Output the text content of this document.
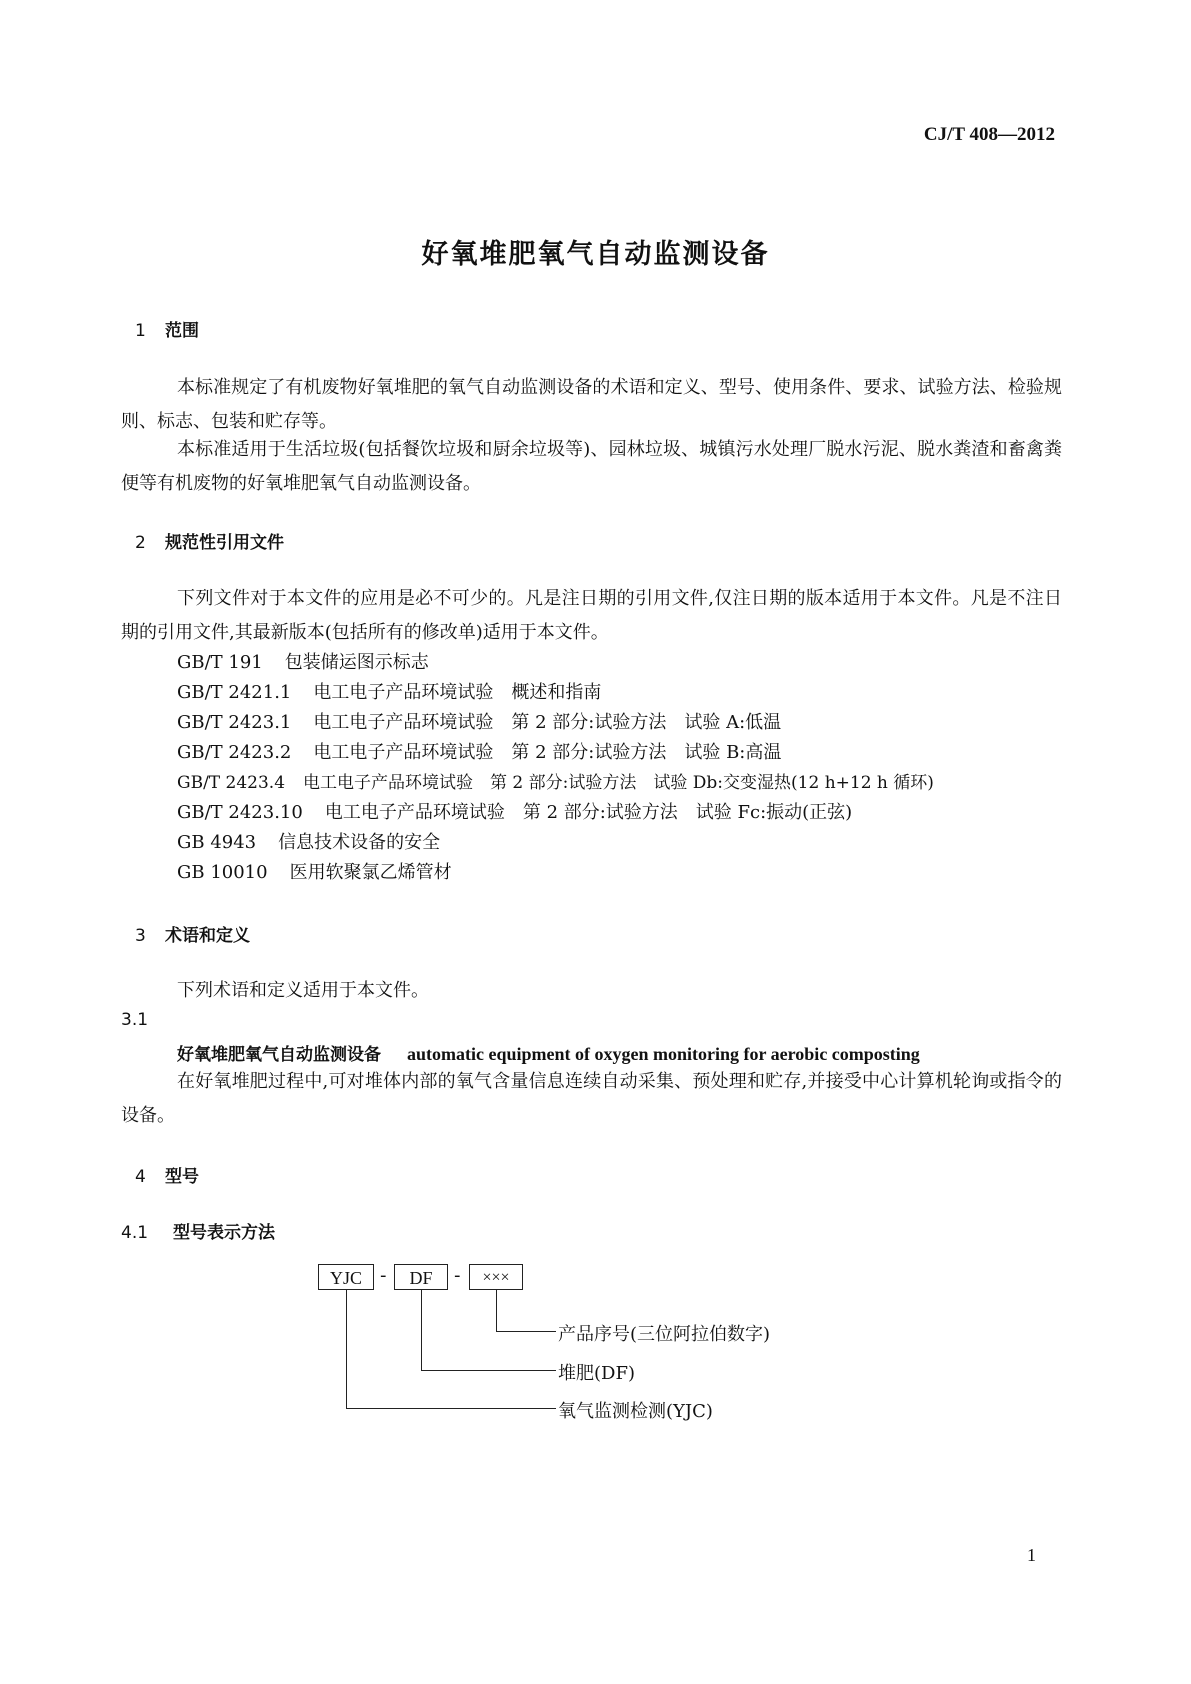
CJ/T 408—2012
好氧堆肥氧气自动监测设备
1 范围
本标准规定了有机废物好氧堆肥的氧气自动监测设备的术语和定义、型号、使用条件、要求、试验方法、检验规则、标志、包装和贮存等。
本标准适用于生活垃圾(包括餐饮垃圾和厨余垃圾等)、园林垃圾、城镇污水处理厂脱水污泥、脱水粪渣和畜禽粪便等有机废物的好氧堆肥氧气自动监测设备。
2 规范性引用文件
下列文件对于本文件的应用是必不可少的。凡是注日期的引用文件,仅注日期的版本适用于本文件。凡是不注日期的引用文件,其最新版本(包括所有的修改单)适用于本文件。
GB/T 191 包装储运图示标志
GB/T 2421.1 电工电子产品环境试验　概述和指南
GB/T 2423.1 电工电子产品环境试验　第 2 部分:试验方法　试验 A:低温
GB/T 2423.2 电工电子产品环境试验　第 2 部分:试验方法　试验 B:高温
GB/T 2423.4 电工电子产品环境试验　第 2 部分:试验方法　试验 Db:交变湿热(12 h+12 h 循环)
GB/T 2423.10 电工电子产品环境试验　第 2 部分:试验方法　试验 Fc:振动(正弦)
GB 4943 信息技术设备的安全
GB 10010 医用软聚氯乙烯管材
3 术语和定义
下列术语和定义适用于本文件。
3.1
好氧堆肥氧气自动监测设备 automatic equipment of oxygen monitoring for aerobic composting
在好氧堆肥过程中,可对堆体内部的氧气含量信息连续自动采集、预处理和贮存,并接受中心计算机轮询或指令的设备。
4 型号
4.1 型号表示方法
YJC	-	DF	-	×××
产品序号(三位阿拉伯数字)
堆肥(DF)
氧气监测检测(YJC)
1
